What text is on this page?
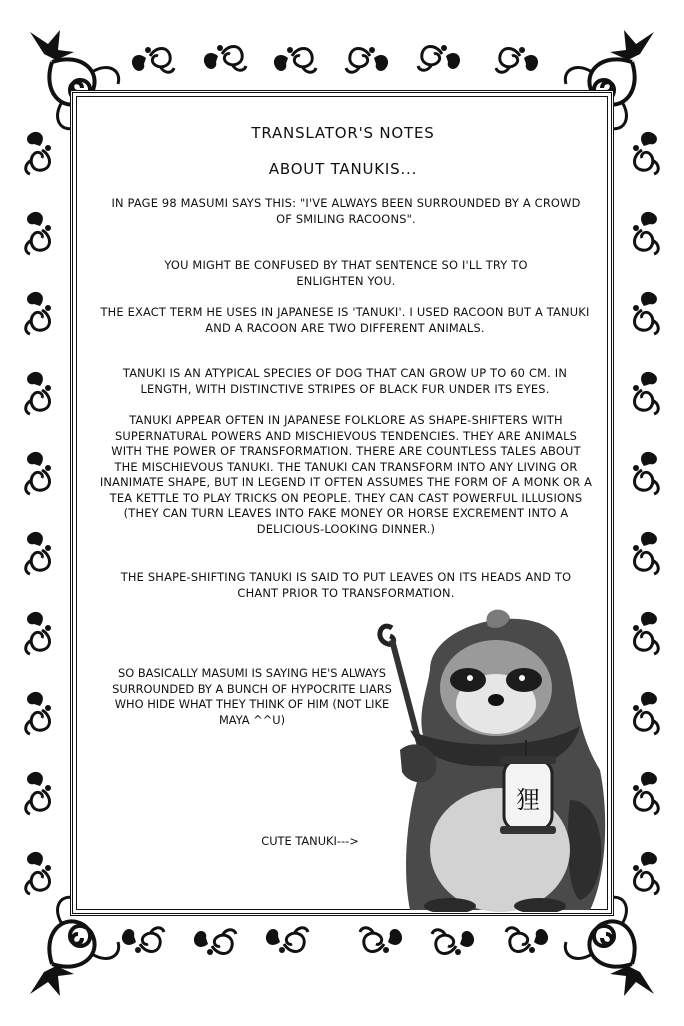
TRANSLATOR'S NOTES
ABOUT TANUKIS...
IN PAGE 98 MASUMI SAYS THIS: "I'VE ALWAYS BEEN SURROUNDED BY A CROWD OF SMILING RACOONS".
YOU MIGHT BE CONFUSED BY THAT SENTENCE SO I'LL TRY TO ENLIGHTEN YOU.
THE EXACT TERM HE USES IN JAPANESE IS 'TANUKI'. I USED RACOON BUT A TANUKI AND A RACOON ARE TWO DIFFERENT ANIMALS.
TANUKI IS AN ATYPICAL SPECIES OF DOG THAT CAN GROW UP TO 60 CM. IN LENGTH, WITH DISTINCTIVE STRIPES OF BLACK FUR UNDER ITS EYES.
TANUKI APPEAR OFTEN IN JAPANESE FOLKLORE AS SHAPE-SHIFTERS WITH SUPERNATURAL POWERS AND MISCHIEVOUS TENDENCIES. THEY ARE ANIMALS WITH THE POWER OF TRANSFORMATION. THERE ARE COUNTLESS TALES ABOUT THE MISCHIEVOUS TANUKI. THE TANUKI CAN TRANSFORM INTO ANY LIVING OR INANIMATE SHAPE, BUT IN LEGEND IT OFTEN ASSUMES THE FORM OF A MONK OR A TEA KETTLE TO PLAY TRICKS ON PEOPLE. THEY CAN CAST POWERFUL ILLUSIONS (THEY CAN TURN LEAVES INTO FAKE MONEY OR HORSE EXCREMENT INTO A DELICIOUS-LOOKING DINNER.)
THE SHAPE-SHIFTING TANUKI IS SAID TO PUT LEAVES ON ITS HEADS AND TO CHANT PRIOR TO TRANSFORMATION.
SO BASICALLY MASUMI IS SAYING HE'S ALWAYS SURROUNDED BY A BUNCH OF HYPOCRITE LIARS WHO HIDE WHAT THEY THINK OF HIM (NOT LIKE MAYA ^^U)
CUTE TANUKI--->
狸
